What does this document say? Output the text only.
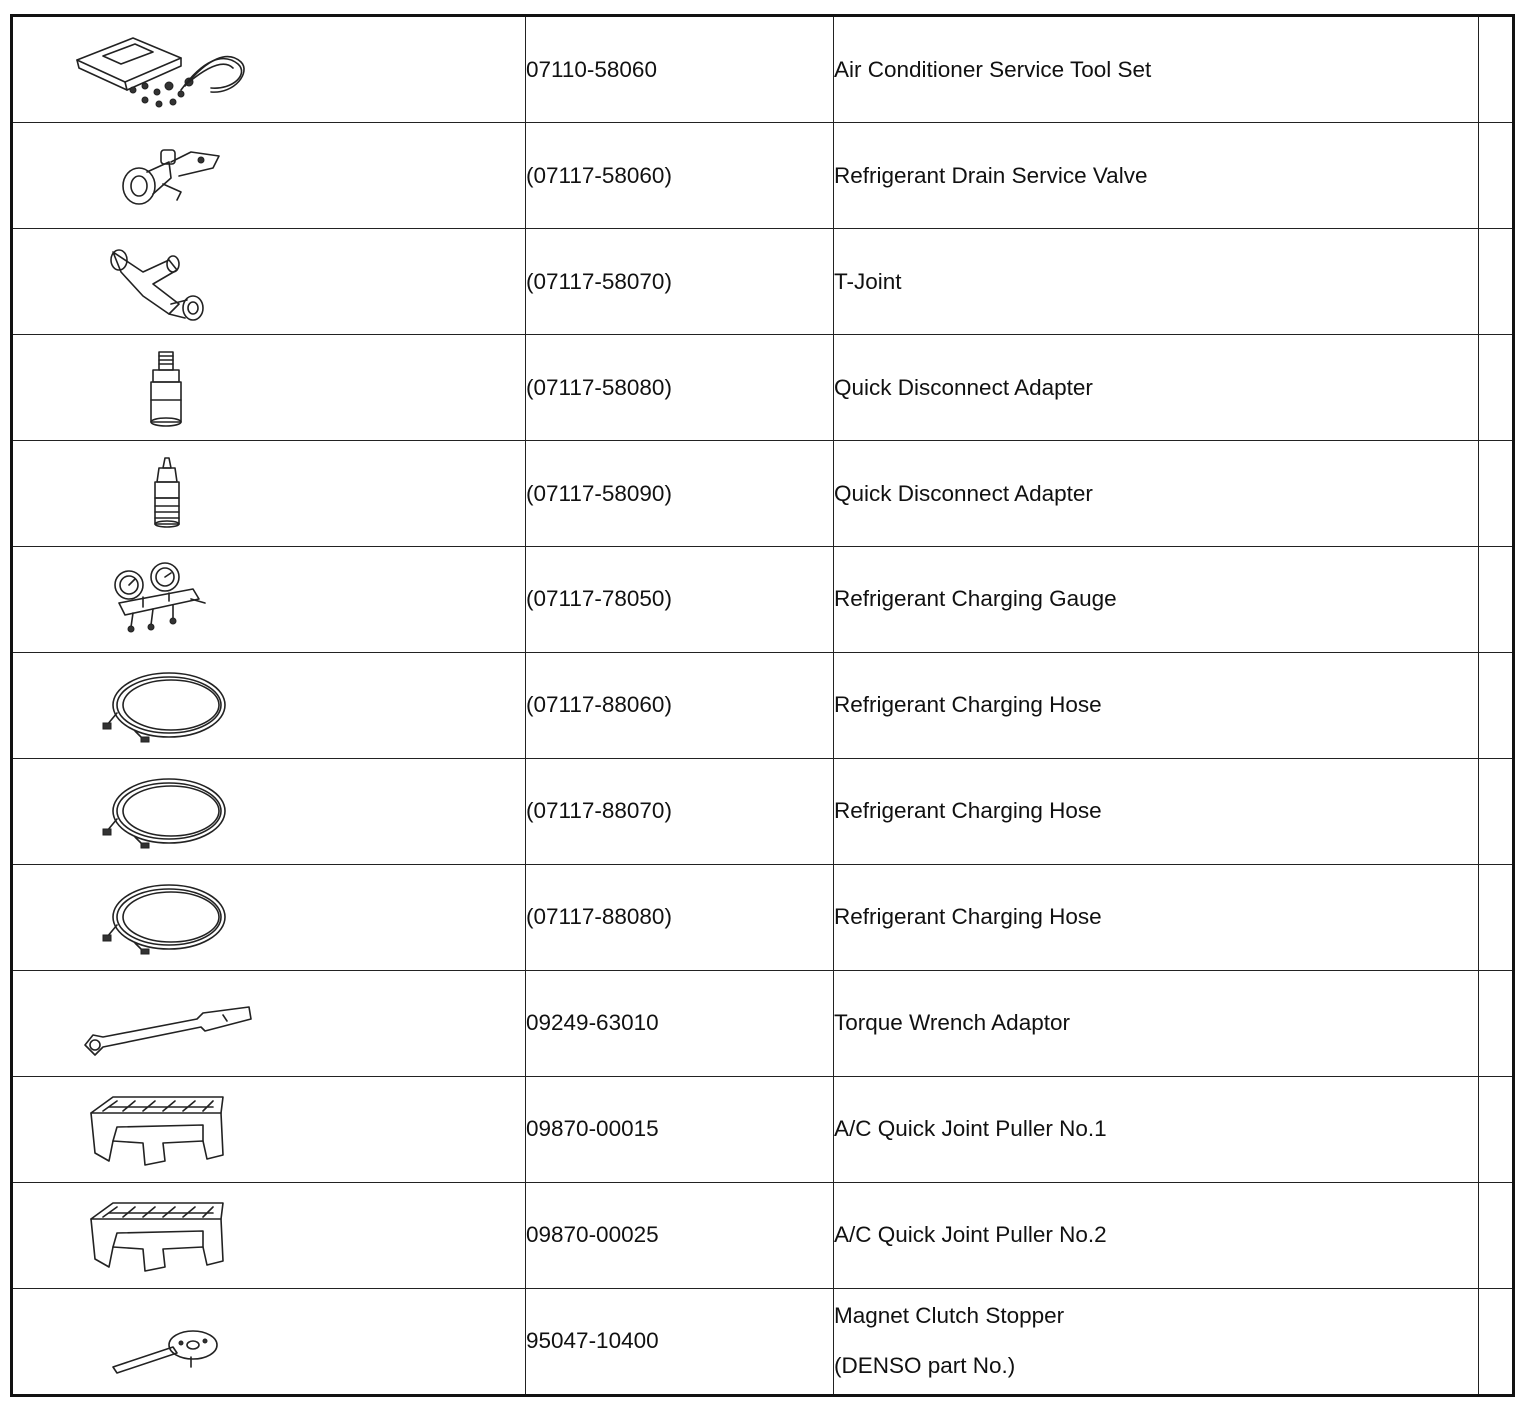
	07110-58060	Air Conditioner Service Tool Set	

	(07117-58060)	Refrigerant Drain Service Valve	

	(07117-58070)	T-Joint	

	(07117-58080)	Quick Disconnect Adapter	

	(07117-58090)	Quick Disconnect Adapter	

	(07117-78050)	Refrigerant Charging Gauge	

	(07117-88060)	Refrigerant Charging Hose	

	(07117-88070)	Refrigerant Charging Hose	

	(07117-88080)	Refrigerant Charging Hose	

	09249-63010	Torque Wrench Adaptor	

	09870-00015	A/C Quick Joint Puller No.1	

	09870-00025	A/C Quick Joint Puller No.2	

	95047-10400	Magnet Clutch Stopper
(DENSO part No.)	
